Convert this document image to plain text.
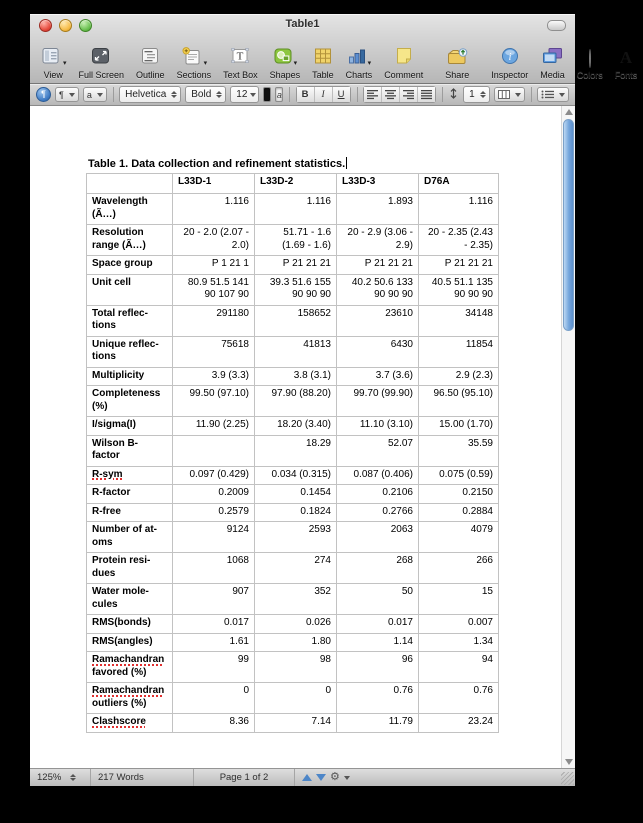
Table1
▾
View Full Screen Outline
▾
Sections
T
Text Box
▾
Shapes Table
▾
Charts Comment Share
i
Inspector Media Colors
A
Fonts
¶	¶	a	Helvetica	Bold	12	a	B	I	U	1
Table 1. Data collection and refinement statistics.
	L33D-1	L33D-2	L33D-3	D76A

Wavelength
(Ã…)	1.116	1.116	1.893	1.116

Resolution
range (Ã…)	20 - 2.0 (2.07 - 2.0)	51.71 - 1.6 (1.69 - 1.6)	20 - 2.9 (3.06 - 2.9)	20 - 2.35 (2.43 - 2.35)

Space group	P 1 21 1	P 21 21 21	P 21 21 21	P 21 21 21

Unit cell	80.9 51.5 141 90 107 90	39.3 51.6 155 90 90 90	40.2 50.6 133 90 90 90	40.5 51.1 135 90 90 90

Total reflec-
tions	291180	158652	23610	34148

Unique reflec-
tions	75618	41813	6430	11854

Multiplicity	3.9 (3.3)	3.8 (3.1)	3.7 (3.6)	2.9 (2.3)

Completeness
(%)	99.50 (97.10)	97.90 (88.20)	99.70 (99.90)	96.50 (95.10)

I/sigma(I)	11.90 (2.25)	18.20 (3.40)	11.10 (3.10)	15.00 (1.70)

Wilson B-
factor		18.29	52.07	35.59

R-sym	0.097 (0.429)	0.034 (0.315)	0.087 (0.406)	0.075 (0.59)

R-factor	0.2009	0.1454	0.2106	0.2150

R-free	0.2579	0.1824	0.2766	0.2884

Number of at-
oms	9124	2593	2063	4079

Protein resi-
dues	1068	274	268	266

Water mole-
cules	907	352	50	15

RMS(bonds)	0.017	0.026	0.017	0.007

RMS(angles)	1.61	1.80	1.14	1.34

Ramachandran
favored (%)	99	98	96	94

Ramachandran
outliers (%)	0	0	0.76	0.76

Clashscore	8.36	7.14	11.79	23.24
125%	217 Words	Page 1 of 2	⚙
